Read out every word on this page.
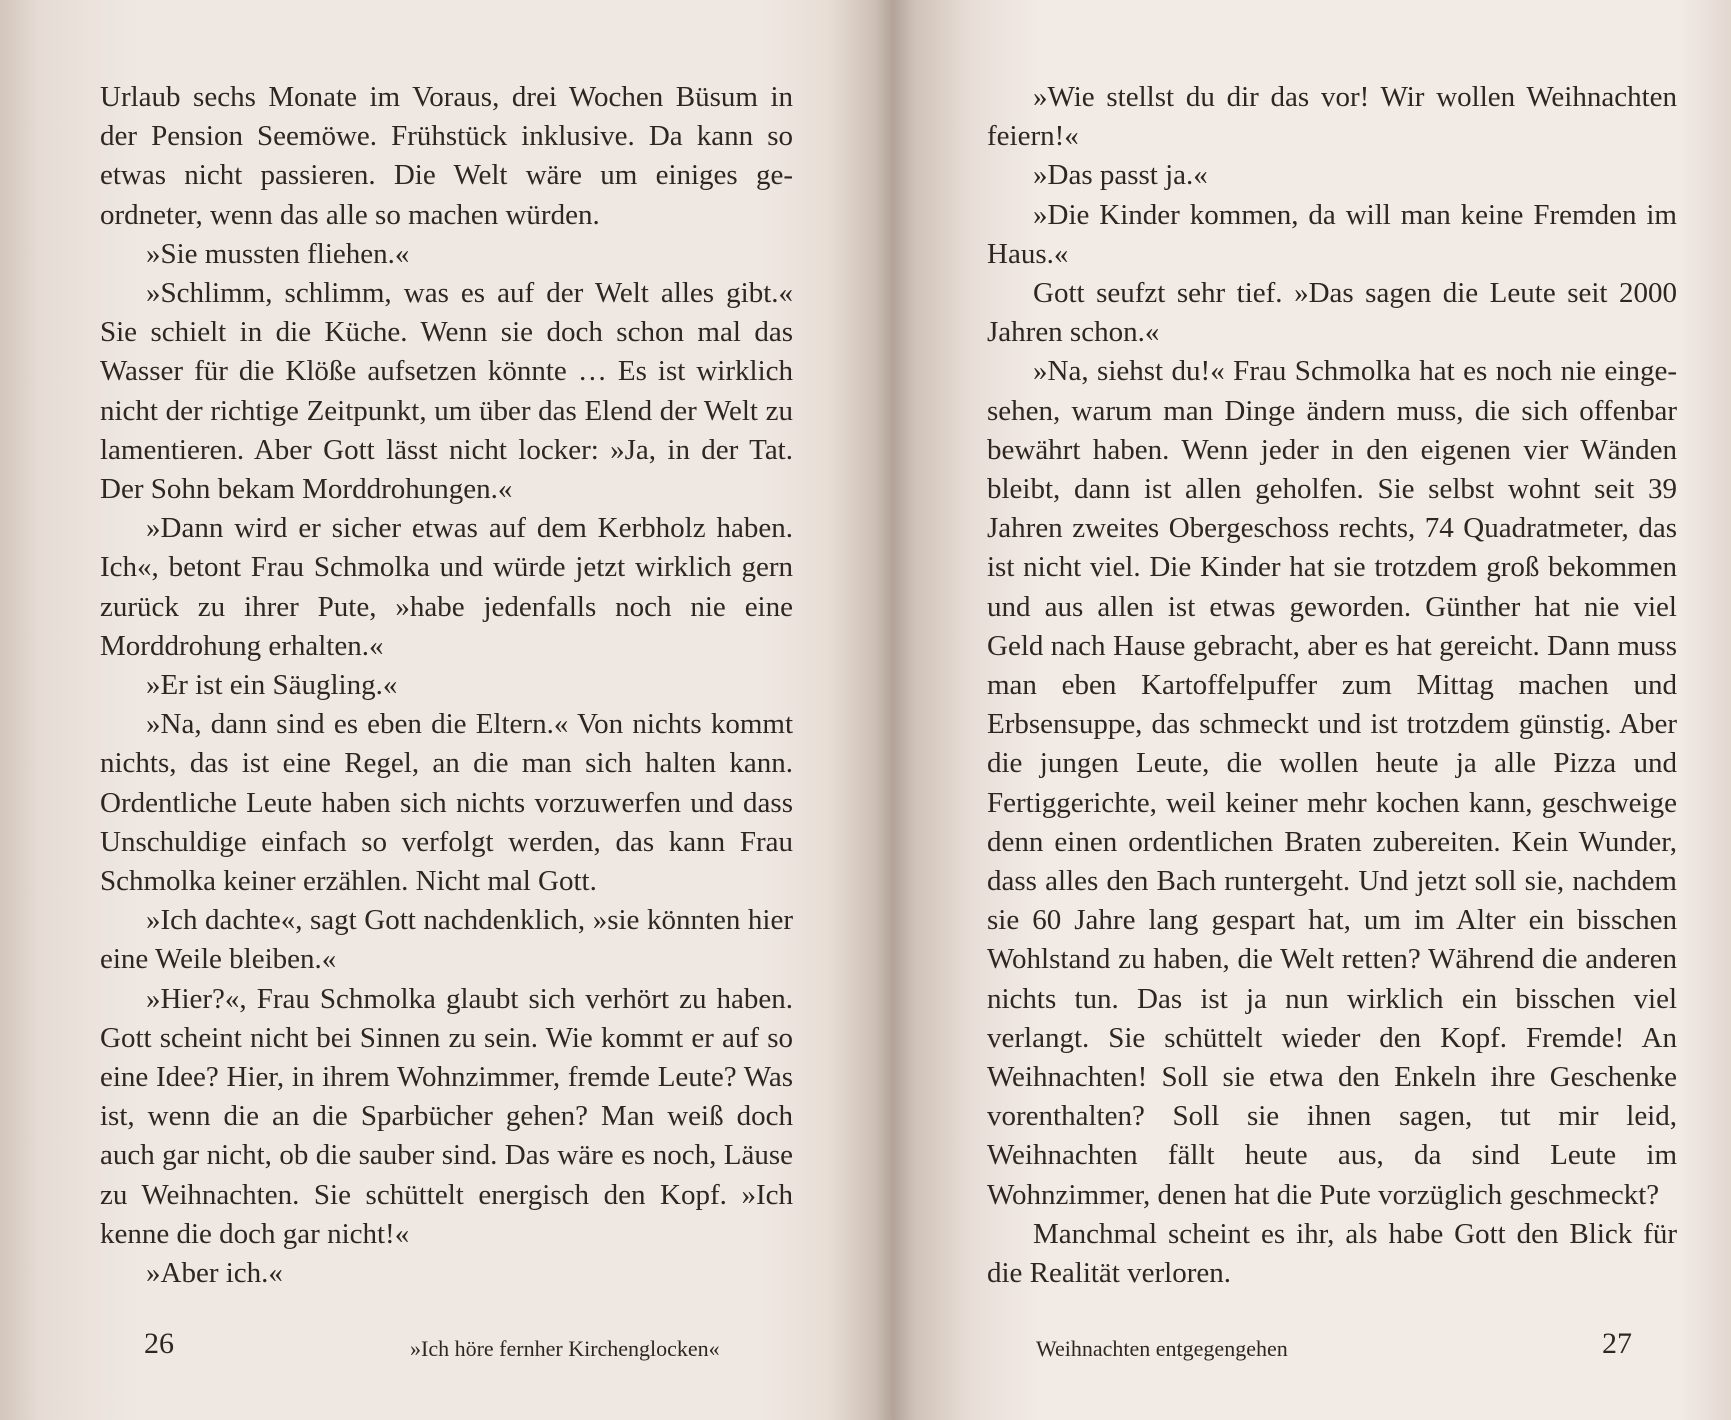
Urlaub sechs Monate im Voraus, drei Wochen Büsum in der Pension Seemöwe. Frühstück inklusive. Da kann so etwas nicht passieren. Die Welt wäre um einiges geordneter, wenn das alle so machen würden.

»Sie mussten fliehen.«

»Schlimm, schlimm, was es auf der Welt alles gibt.« Sie schielt in die Küche. Wenn sie doch schon mal das Wasser für die Klöße aufsetzen könnte … Es ist wirklich nicht der richtige Zeitpunkt, um über das Elend der Welt zu lamentieren. Aber Gott lässt nicht locker: »Ja, in der Tat. Der Sohn bekam Morddrohungen.«

»Dann wird er sicher etwas auf dem Kerbholz haben. Ich«, betont Frau Schmolka und würde jetzt wirklich gern zurück zu ihrer Pute, »habe jedenfalls noch nie eine Morddrohung erhalten.«

»Er ist ein Säugling.«

»Na, dann sind es eben die Eltern.« Von nichts kommt nichts, das ist eine Regel, an die man sich halten kann. Ordentliche Leute haben sich nichts vorzuwerfen und dass Unschuldige einfach so verfolgt werden, das kann Frau Schmolka keiner erzählen. Nicht mal Gott.

»Ich dachte«, sagt Gott nachdenklich, »sie könnten hier eine Weile bleiben.«

»Hier?«, Frau Schmolka glaubt sich verhört zu haben. Gott scheint nicht bei Sinnen zu sein. Wie kommt er auf so eine Idee? Hier, in ihrem Wohnzimmer, fremde Leute? Was ist, wenn die an die Sparbücher gehen? Man weiß doch auch gar nicht, ob die sauber sind. Das wäre es noch, Läuse zu Weihnachten. Sie schüttelt energisch den Kopf. »Ich kenne die doch gar nicht!«

»Aber ich.«

26	»Ich höre fernher Kirchenglocken«

»Wie stellst du dir das vor! Wir wollen Weihnachten feiern!«

»Das passt ja.«

»Die Kinder kommen, da will man keine Fremden im Haus.«

Gott seufzt sehr tief. »Das sagen die Leute seit 2000 Jahren schon.«

»Na, siehst du!« Frau Schmolka hat es noch nie eingesehen, warum man Dinge ändern muss, die sich offenbar bewährt haben. Wenn jeder in den eigenen vier Wänden bleibt, dann ist allen geholfen. Sie selbst wohnt seit 39 Jahren zweites Obergeschoss rechts, 74 Quadratmeter, das ist nicht viel. Die Kinder hat sie trotzdem groß bekommen und aus allen ist etwas geworden. Günther hat nie viel Geld nach Hause gebracht, aber es hat gereicht. Dann muss man eben Kartoffelpuffer zum Mittag machen und Erbsensuppe, das schmeckt und ist trotzdem günstig. Aber die jungen Leute, die wollen heute ja alle Pizza und Fertiggerichte, weil keiner mehr kochen kann, geschweige denn einen ordentlichen Braten zubereiten. Kein Wunder, dass alles den Bach runtergeht. Und jetzt soll sie, nachdem sie 60 Jahre lang gespart hat, um im Alter ein bisschen Wohlstand zu haben, die Welt retten? Während die anderen nichts tun. Das ist ja nun wirklich ein bisschen viel verlangt. Sie schüttelt wieder den Kopf. Fremde! An Weihnachten! Soll sie etwa den Enkeln ihre Geschenke vorenthalten? Soll sie ihnen sagen, tut mir leid, Weihnachten fällt heute aus, da sind Leute im Wohnzimmer, denen hat die Pute vorzüglich geschmeckt?

Manchmal scheint es ihr, als habe Gott den Blick für die Realität verloren.

Weihnachten entgegengehen	27
